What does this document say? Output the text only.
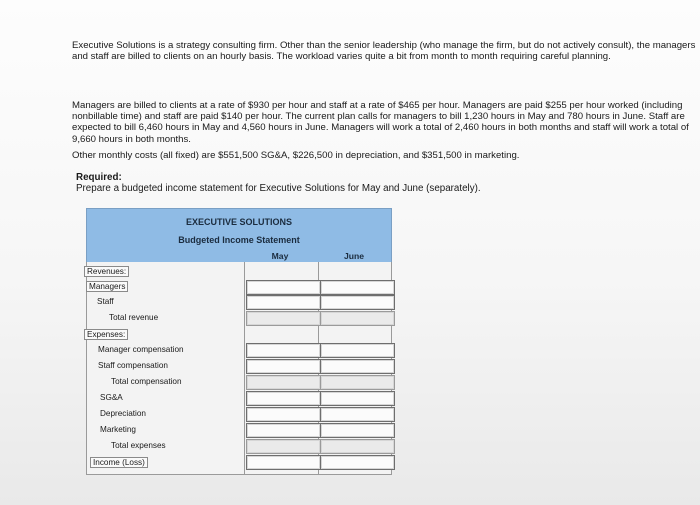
Executive Solutions is a strategy consulting firm. Other than the senior leadership (who manage the firm, but do not actively consult), the managers and staff are billed to clients on an hourly basis. The workload varies quite a bit from month to month requiring careful planning.
Managers are billed to clients at a rate of $930 per hour and staff at a rate of $465 per hour. Managers are paid $255 per hour worked (including nonbillable time) and staff are paid $140 per hour. The current plan calls for managers to bill 1,230 hours in May and 780 hours in June. Staff are expected to bill 6,460 hours in May and 4,560 hours in June. Managers will work a total of 2,460 hours in both months and staff will work a total of 9,660 hours in both months.
Other monthly costs (all fixed) are $551,500 SG&A, $226,500 in depreciation, and $351,500 in marketing.
Required:
Prepare a budgeted income statement for Executive Solutions for May and June (separately).
EXECUTIVE SOLUTIONS
Budgeted Income Statement
May	June
Revenues:
Managers
Staff
Total revenue
Expenses:
Manager compensation
Staff compensation
Total compensation
SG&A
Depreciation
Marketing
Total expenses
Income (Loss)
